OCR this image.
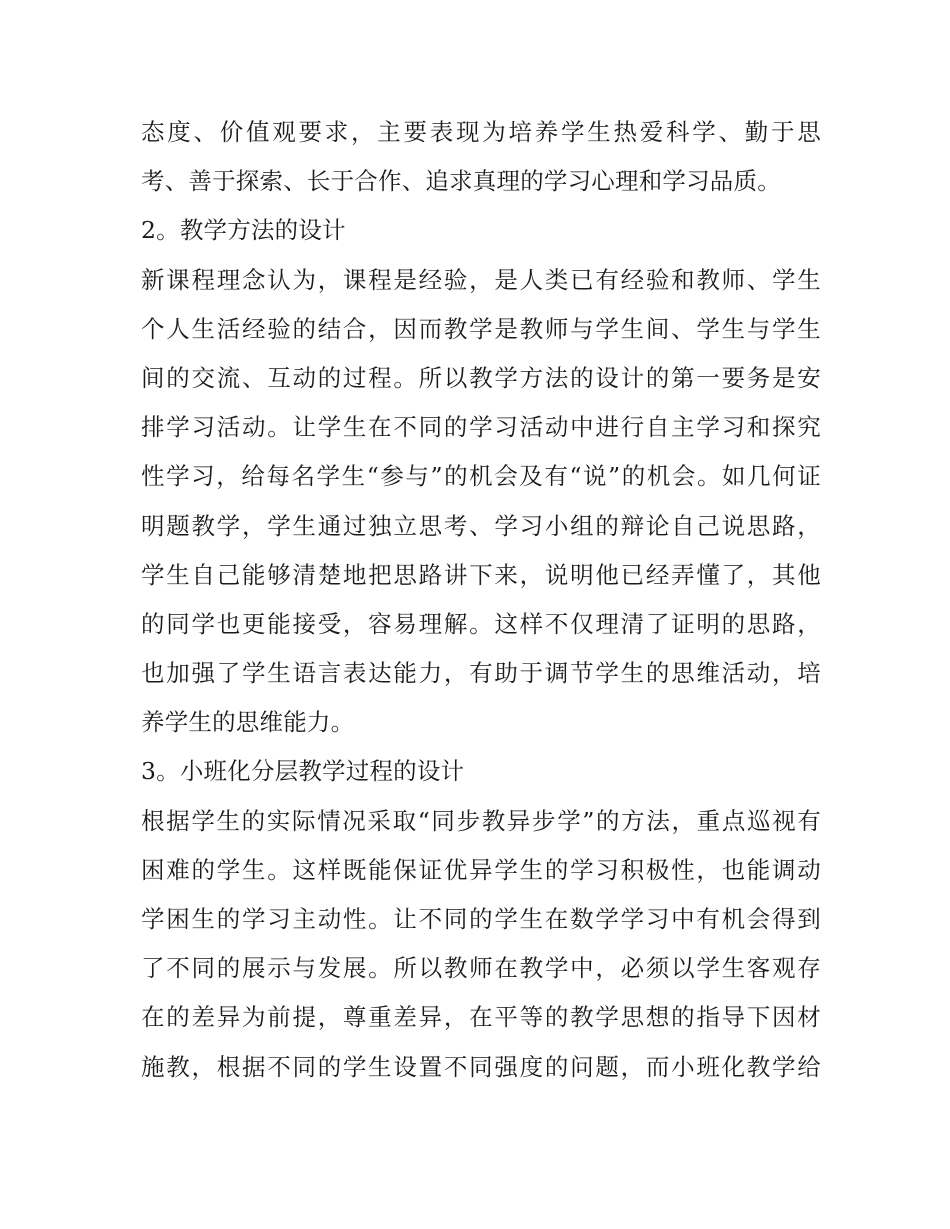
态度、价值观要求，主要表现为培养学生热爱科学、勤于思
考、善于探索、长于合作、追求真理的学习心理和学习品质。
2。教学方法的设计
新课程理念认为，课程是经验，是人类已有经验和教师、学生
个人生活经验的结合，因而教学是教师与学生间、学生与学生
间的交流、互动的过程。所以教学方法的设计的第一要务是安
排学习活动。让学生在不同的学习活动中进行自主学习和探究
性学习，给每名学生“参与”的机会及有“说”的机会。如几何证
明题教学，学生通过独立思考、学习小组的辩论自己说思路，
学生自己能够清楚地把思路讲下来，说明他已经弄懂了，其他
的同学也更能接受，容易理解。这样不仅理清了证明的思路，
也加强了学生语言表达能力，有助于调节学生的思维活动，培
养学生的思维能力。
3。小班化分层教学过程的设计
根据学生的实际情况采取“同步教异步学”的方法，重点巡视有
困难的学生。这样既能保证优异学生的学习积极性，也能调动
学困生的学习主动性。让不同的学生在数学学习中有机会得到
了不同的展示与发展。所以教师在教学中，必须以学生客观存
在的差异为前提，尊重差异，在平等的教学思想的指导下因材
施教，根据不同的学生设置不同强度的问题，而小班化教学给
